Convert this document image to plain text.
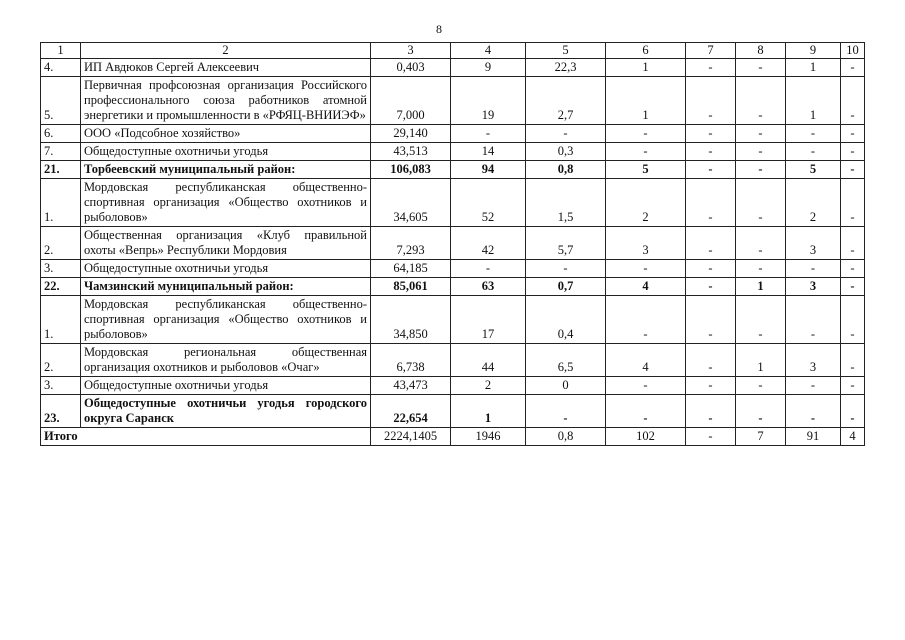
8
1	2	3	4	5	6	7	8	9	10
4.	ИП Авдюков Сергей Алексеевич	0,403	9	22,3	1	-	-	1	-
5.	Первичная профсоюзная организация Российского профессионального союза работников атомной энергетики и промышленности в «РФЯЦ-ВНИИЭФ»	7,000	19	2,7	1	-	-	1	-
6.	ООО «Подсобное хозяйство»	29,140	-	-	-	-	-	-	-
7.	Общедоступные охотничьи угодья	43,513	14	0,3	-	-	-	-	-
21.	Торбеевский муниципальный район:	106,083	94	0,8	5	-	-	5	-
1.	Мордовская республиканская общественно-спортивная организация «Общество охотников и рыболовов»	34,605	52	1,5	2	-	-	2	-
2.	Общественная организация «Клуб правильной охоты «Вепрь» Республики Мордовия	7,293	42	5,7	3	-	-	3	-
3.	Общедоступные охотничьи угодья	64,185	-	-	-	-	-	-	-
22.	Чамзинский муниципальный район:	85,061	63	0,7	4	-	1	3	-
1.	Мордовская республиканская общественно-спортивная организация «Общество охотников и рыболовов»	34,850	17	0,4	-	-	-	-	-
2.	Мордовская региональная общественная организация охотников и рыболовов «Очаг»	6,738	44	6,5	4	-	1	3	-
3.	Общедоступные охотничьи угодья	43,473	2	0	-	-	-	-	-
23.	Общедоступные охотничьи угодья городского округа Саранск	22,654	1	-	-	-	-	-	-
Итого		2224,1405	1946	0,8	102	-	7	91	4
